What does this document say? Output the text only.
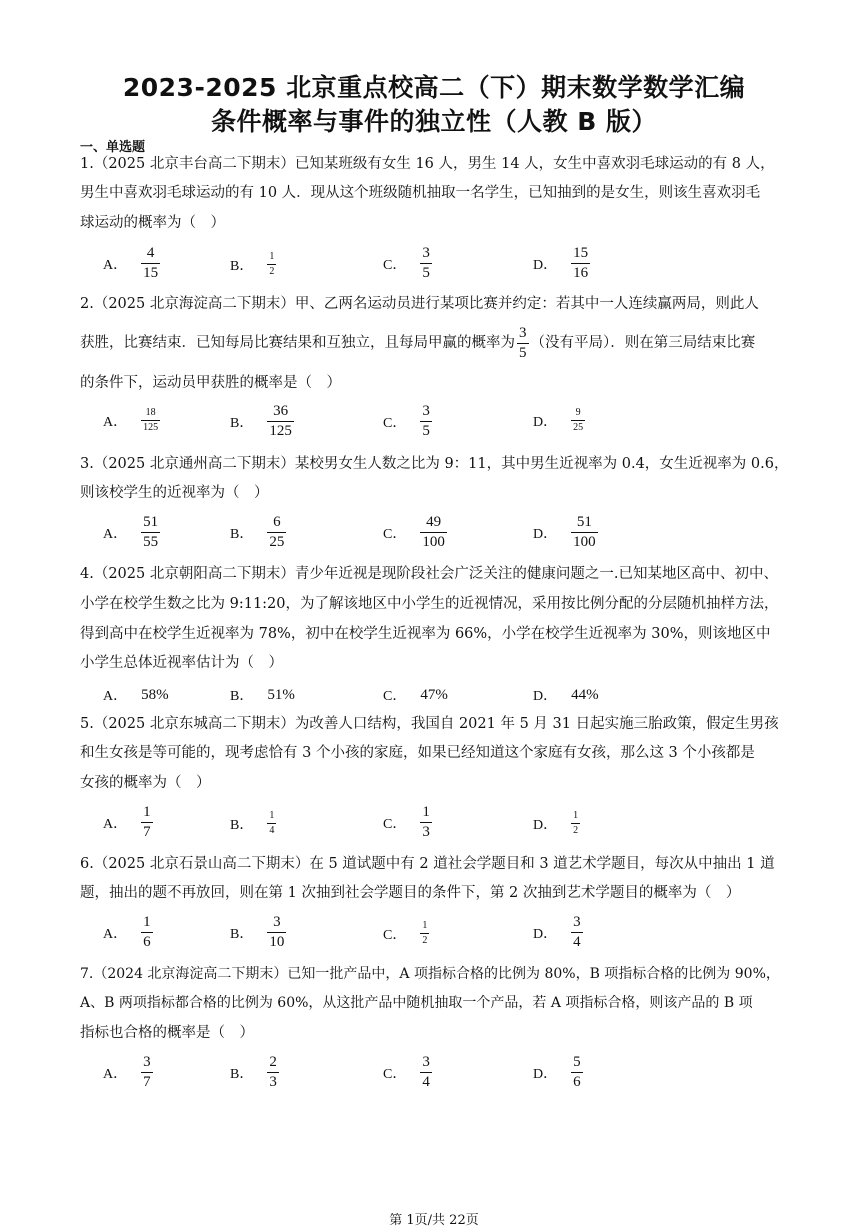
2023-2025 北京重点校高二（下）期末数学数学汇编
条件概率与事件的独立性（人教 B 版）
一、单选题
1.（2025 北京丰台高二下期末）已知某班级有女生 16 人，男生 14 人，女生中喜欢羽毛球运动的有 8 人，
男生中喜欢羽毛球运动的有 10 人．现从这个班级随机抽取一名学生，已知抽到的是女生，则该生喜欢羽毛
球运动的概率为（　）
A． $\frac{4}{15}$	B． $\frac{1}{2}$	C． $\frac{3}{5}$	D． $\frac{15}{16}$
2.（2025 北京海淀高二下期末）甲、乙两名运动员进行某项比赛并约定：若其中一人连续赢两局，则此人
获胜，比赛结束．已知每局比赛结果和互独立，且每局甲赢的概率为 $\frac{3}{5}$ （没有平局）．则在第三局结束比赛
的条件下，运动员甲获胜的概率是（　）
A． $\frac{18}{125}$	B． $\frac{36}{125}$	C． $\frac{3}{5}$	D． $\frac{9}{25}$
3.（2025 北京通州高二下期末）某校男女生人数之比为 9：11，其中男生近视率为 0.4，女生近视率为 0.6，
则该校学生的近视率为（　）
A． $\frac{51}{55}$	B． $\frac{6}{25}$	C． $\frac{49}{100}$	D． $\frac{51}{100}$
4.（2025 北京朝阳高二下期末）青少年近视是现阶段社会广泛关注的健康问题之一.已知某地区高中、初中、
小学在校学生数之比为 9:11:20，为了解该地区中小学生的近视情况，采用按比例分配的分层随机抽样方法，
得到高中在校学生近视率为 78%，初中在校学生近视率为 66%，小学在校学生近视率为 30%，则该地区中
小学生总体近视率估计为（　）
A． 58%	B． 51%	C． 47%	D． 44%
5.（2025 北京东城高二下期末）为改善人口结构，我国自 2021 年 5 月 31 日起实施三胎政策，假定生男孩
和生女孩是等可能的，现考虑恰有 3 个小孩的家庭，如果已经知道这个家庭有女孩，那么这 3 个小孩都是
女孩的概率为（　）
A． $\frac{1}{7}$	B． $\frac{1}{4}$	C． $\frac{1}{3}$	D． $\frac{1}{2}$
6.（2025 北京石景山高二下期末）在 5 道试题中有 2 道社会学题目和 3 道艺术学题目，每次从中抽出 1 道
题，抽出的题不再放回，则在第 1 次抽到社会学题目的条件下，第 2 次抽到艺术学题目的概率为（　）
A． $\frac{1}{6}$	B． $\frac{3}{10}$	C． $\frac{1}{2}$	D． $\frac{3}{4}$
7.（2024 北京海淀高二下期末）已知一批产品中，A 项指标合格的比例为 80%，B 项指标合格的比例为 90%，
A、B 两项指标都合格的比例为 60%，从这批产品中随机抽取一个产品，若 A 项指标合格，则该产品的 B 项
指标也合格的概率是（　）
A． $\frac{3}{7}$	B． $\frac{2}{3}$	C． $\frac{3}{4}$	D． $\frac{5}{6}$
第 1页/共 22页
